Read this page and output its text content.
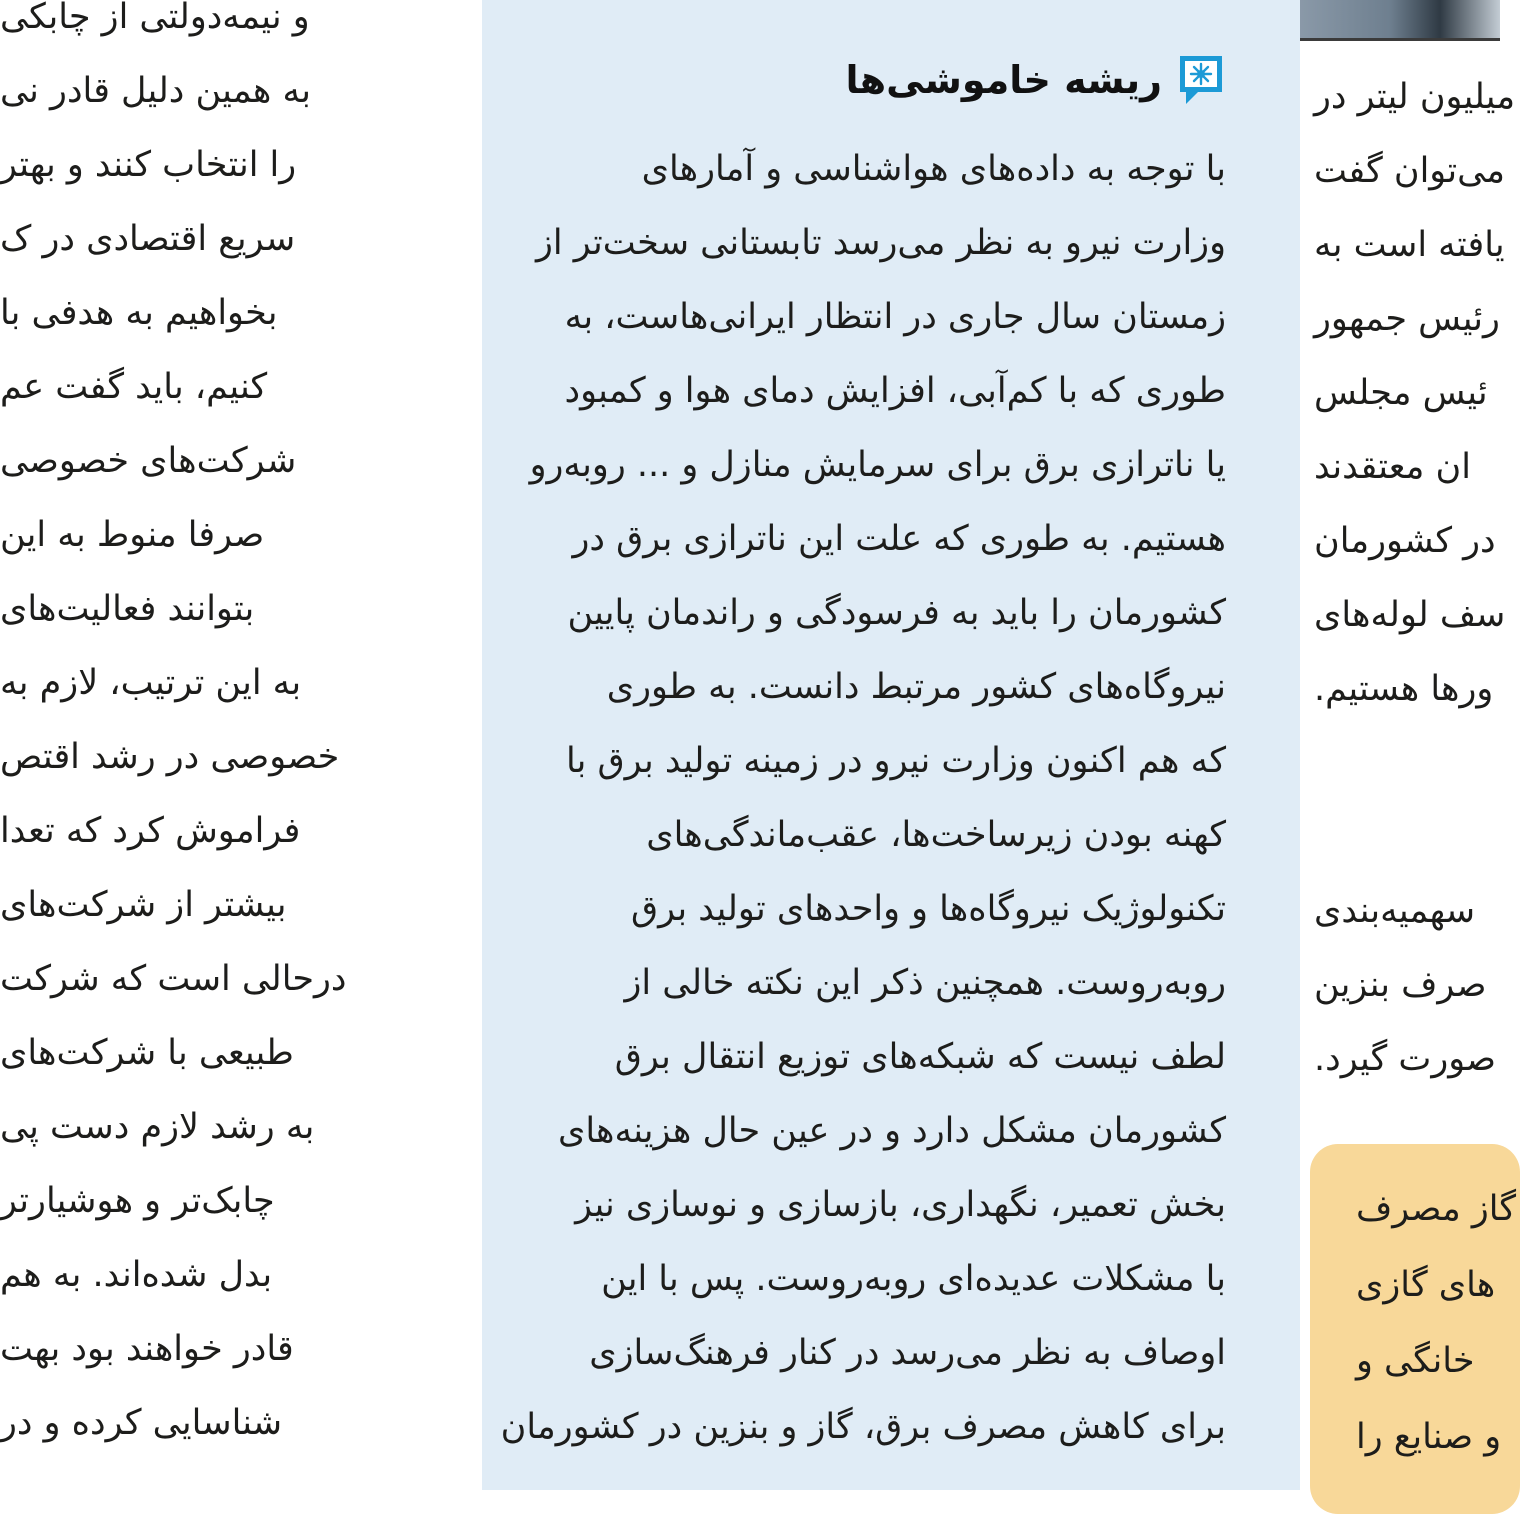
و نیمه‌دولتی از چابکی
به همین دلیل قادر نی
را انتخاب کنند و بهتر
سریع اقتصادی در ک
بخواهیم به هدفی با
کنیم، باید گفت عم
شرکت‌های خصوصی
صرفا منوط به این
بتوانند فعالیت‌های
به این ترتیب، لازم به
خصوصی در رشد اقتص
فراموش کرد که تعدا
بیشتر از شرکت‌های
درحالی است که شرکت
طبیعی با شرکت‌های
به رشد لازم دست پی
چابک‌تر و هوشیارتر
بدل شده‌اند. به هم
قادر خواهند بود بهت
شناسایی کرده و در
ریشه خاموشی‌ها
با توجه به داده‌های هواشناسی و آمارهای
وزارت نیرو به نظر می‌رسد تابستانی سخت‌تر از
زمستان سال جاری در انتظار ایرانی‌هاست، به
طوری که با کم‌آبی، افزایش دمای هوا و کمبود
یا ناترازی برق برای سرمایش منازل و ... روبه‌رو
هستیم. به طوری که علت این ناترازی برق در
کشورمان را باید به فرسودگی و راندمان پایین
نیروگاه‌های کشور مرتبط دانست. به طوری
که هم اکنون وزارت نیرو در زمینه تولید برق با
کهنه بودن زیرساخت‌ها، عقب‌ماندگی‌های
تکنولوژیک نیروگاه‌ها و واحدهای تولید برق
روبه‌روست. همچنین ذکر این نکته خالی از
لطف نیست که شبکه‌های توزیع انتقال برق
کشورمان مشکل دارد و در عین حال هزینه‌های
بخش تعمیر، نگهداری، بازسازی و نوسازی نیز
با مشکلات عدیده‌ای روبه‌روست. پس با این
اوصاف به نظر می‌رسد در کنار فرهنگ‌سازی
برای کاهش مصرف برق، گاز و بنزین در کشورمان
میلیون لیتر در
می‌توان گفت
یافته است به
رئیس جمهور
ئیس مجلس
ان معتقدند
در کشورمان
سف لوله‌های
ورها هستیم.
سهمیه‌بندی
صرف بنزین
صورت گیرد.
گاز مصرف
های گازی
خانگی و
و صنایع را
